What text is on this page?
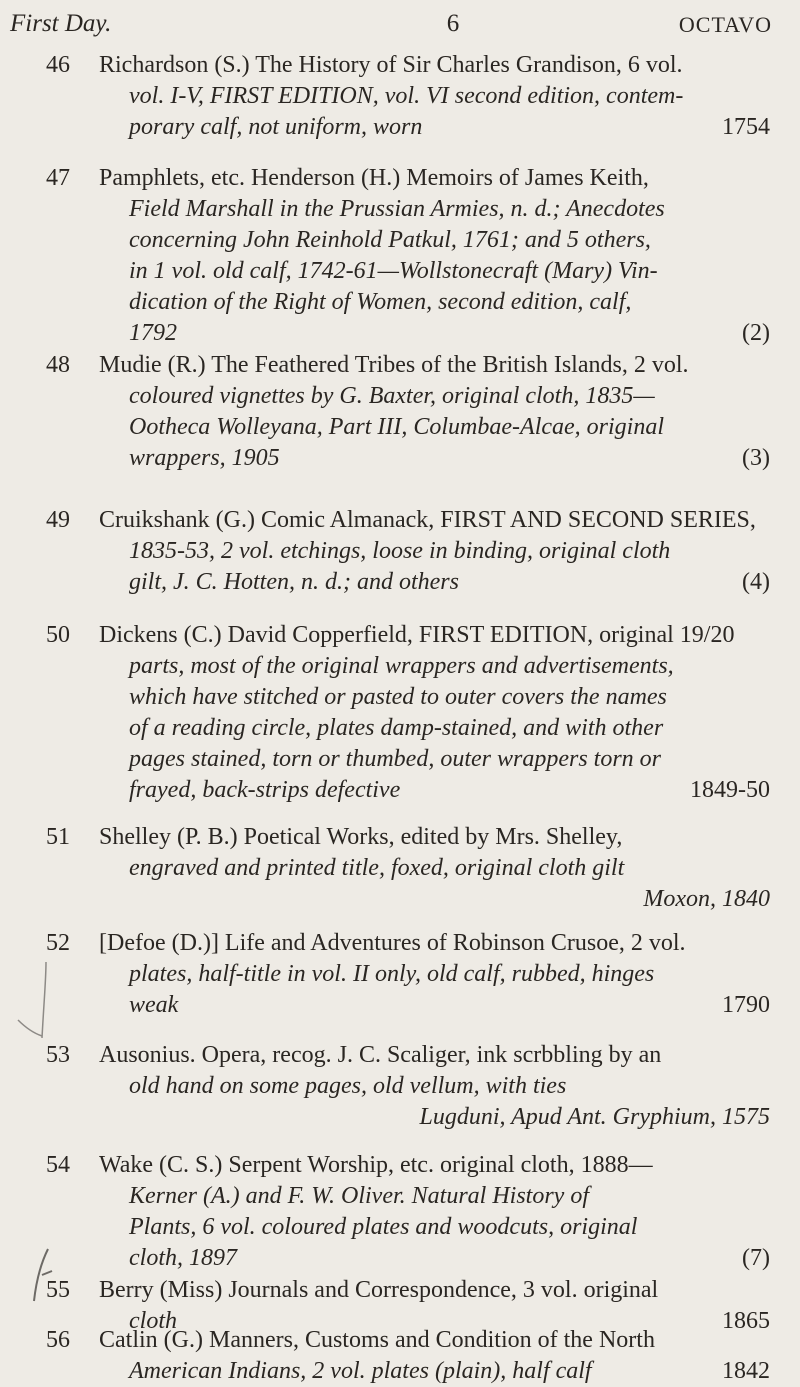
First Day.	6	OCTAVO
46 Richardson (S.) The History of Sir Charles Grandison, 6 vol.
vol. I-V, FIRST EDITION, vol. VI second edition, contem-
1754
porary calf, not uniform, worn
47 Pamphlets, etc. Henderson (H.) Memoirs of James Keith,
Field Marshall in the Prussian Armies, n. d.; Anecdotes
concerning John Reinhold Patkul, 1761; and 5 others,
in 1 vol. old calf, 1742-61—Wollstonecraft (Mary) Vin-
dication of the Right of Women, second edition, calf,
(2)
1792
48 Mudie (R.) The Feathered Tribes of the British Islands, 2 vol.
coloured vignettes by G. Baxter, original cloth, 1835—
Ootheca Wolleyana, Part III, Columbae-Alcae, original
(3)
wrappers, 1905
49 Cruikshank (G.) Comic Almanack, FIRST AND SECOND SERIES,
1835-53, 2 vol. etchings, loose in binding, original cloth
(4)
gilt, J. C. Hotten, n. d.; and others
50 Dickens (C.) David Copperfield, FIRST EDITION, original 19/20
parts, most of the original wrappers and advertisements,
which have stitched or pasted to outer covers the names
of a reading circle, plates damp-stained, and with other
pages stained, torn or thumbed, outer wrappers torn or
1849-50
frayed, back-strips defective
51 Shelley (P. B.) Poetical Works, edited by Mrs. Shelley,
engraved and printed title, foxed, original cloth gilt
Moxon, 1840
52 [Defoe (D.)] Life and Adventures of Robinson Crusoe, 2 vol.
plates, half-title in vol. II only, old calf, rubbed, hinges
1790
weak
53 Ausonius. Opera, recog. J. C. Scaliger, ink scrbbling by an
old hand on some pages, old vellum, with ties
Lugduni, Apud Ant. Gryphium, 1575
54 Wake (C. S.) Serpent Worship, etc. original cloth, 1888—
Kerner (A.) and F. W. Oliver. Natural History of
Plants, 6 vol. coloured plates and woodcuts, original
(7)
cloth, 1897
55 Berry (Miss) Journals and Correspondence, 3 vol. original
1865
cloth
56 Catlin (G.) Manners, Customs and Condition of the North
1842
American Indians, 2 vol. plates (plain), half calf
